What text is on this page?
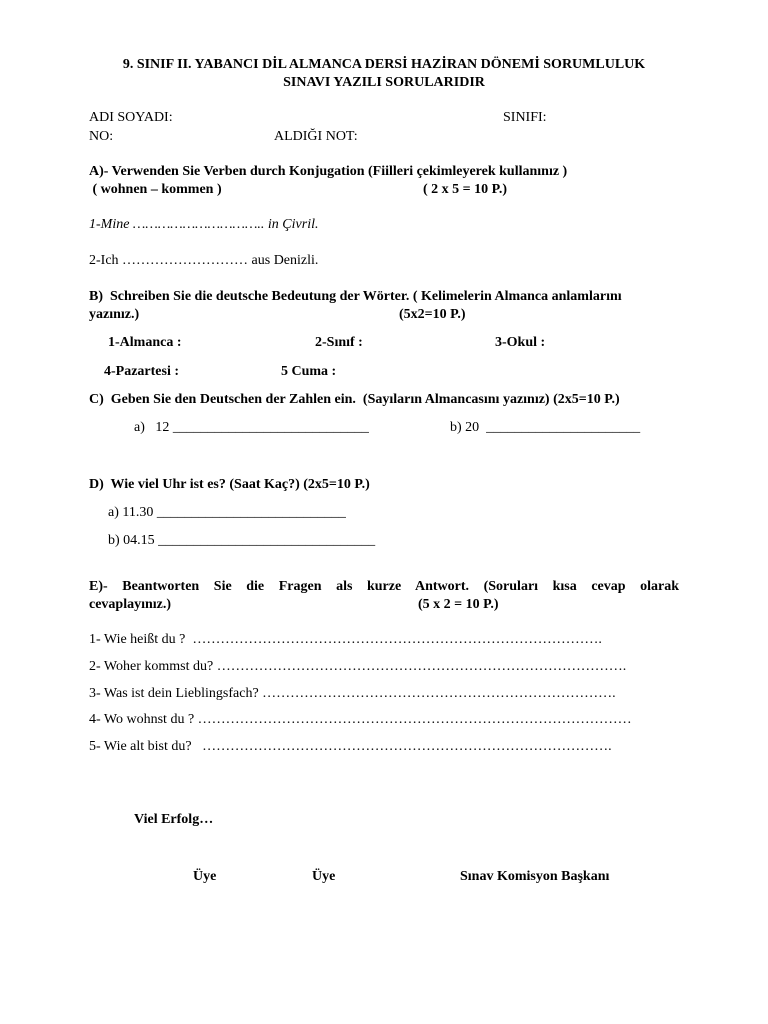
9. SINIF II. YABANCI DİL ALMANCA DERSİ HAZİRAN DÖNEMİ SORUMLULUK
SINAVI YAZILI SORULARIDIR
ADI SOYADI:	SINIFI:
NO:	ALDIĞI NOT:
A)- Verwenden Sie Verben durch Konjugation (Fiilleri çekimleyerek kullanınız )
( wohnen – kommen )	( 2 x 5 = 10 P.)
1-Mine ………………………….. in Çivril.
2-Ich ……………………… aus Denizli.
B)  Schreiben Sie die deutsche Bedeutung der Wörter. ( Kelimelerin Almanca anlamlarını
yazınız.)	(5x2=10 P.)
1-Almanca :	2-Sınıf :	3-Okul :
4-Pazartesi :	5 Cuma :
C)  Geben Sie den Deutschen der Zahlen ein.  (Sayıların Almancasını yazınız) (2x5=10 P.)
a)   12 ____________________________	b) 20  ______________________
D)  Wie viel Uhr ist es? (Saat Kaç?) (2x5=10 P.)
a) 11.30 ___________________________
b) 04.15 _______________________________
E)- Beantworten Sie die Fragen als kurze Antwort. (Soruları kısa cevap olarak
cevaplayınız.)	(5 x 2 = 10 P.)
1- Wie heißt du ?  …………………………………………………………………………….
2- Woher kommst du? …………………………………………………………………………….
3- Was ist dein Lieblingsfach? ………………………………………………………………….
4- Wo wohnst du ? …………………………………………………………………………………
5- Wie alt bist du?   …………………………………………………………………………….
Viel Erfolg…
Üye	Üye	Sınav Komisyon Başkanı
